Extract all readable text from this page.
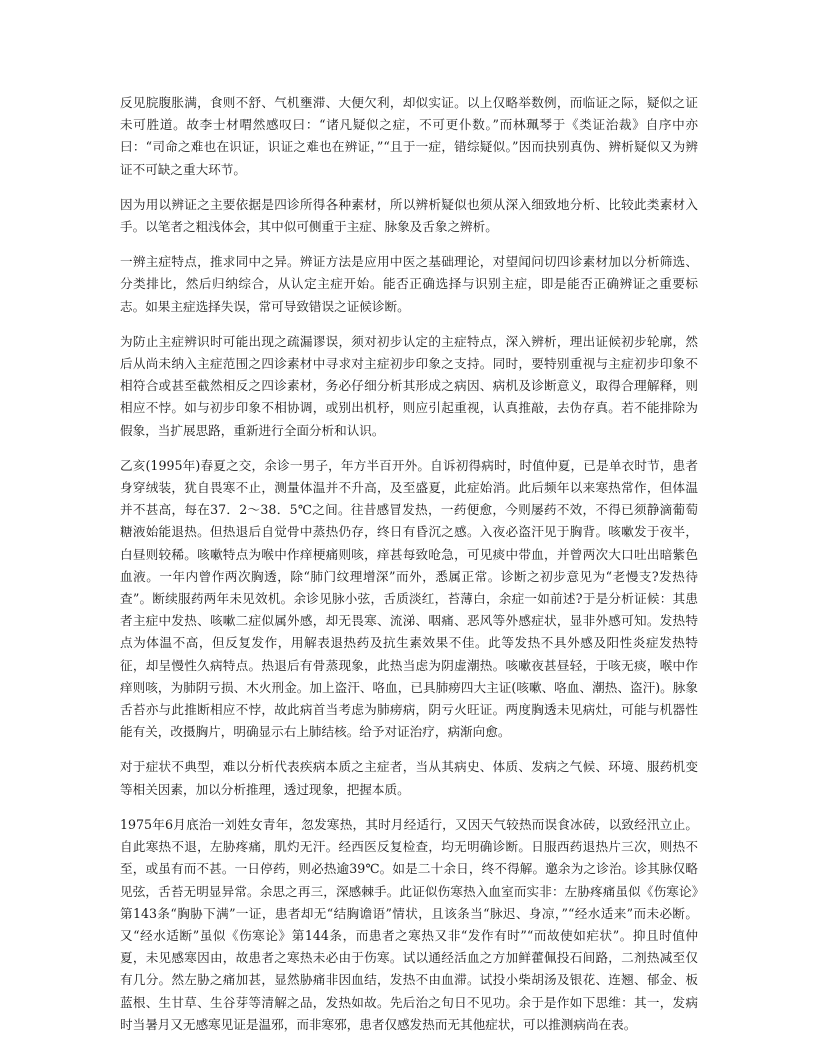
反见脘腹胀满，食则不舒、气机壅滞、大便欠利，却似实证。以上仅略举数例，而临证之际，疑似之证未可胜道。故李士材喟然感叹曰：“诸凡疑似之症，不可更仆数。”而林珮琴于《类证治裁》自序中亦曰：“司命之难也在识证，识证之难也在辨证，”“且于一症，错综疑似。”因而抉别真伪、辨析疑似又为辨证不可缺之重大环节。

因为用以辨证之主要依据是四诊所得各种素材，所以辨析疑似也须从深入细致地分析、比较此类素材入手。以笔者之粗浅体会，其中似可侧重于主症、脉象及舌象之辨析。

一辨主症特点，推求同中之异。辨证方法是应用中医之基础理论，对望闻问切四诊素材加以分析筛选、分类排比，然后归纳综合，从认定主症开始。能否正确选择与识别主症，即是能否正确辨证之重要标志。如果主症选择失误，常可导致错误之证候诊断。

为防止主症辨识时可能出现之疏漏谬误，须对初步认定的主症特点，深入辨析，理出证候初步轮廓，然后从尚未纳入主症范围之四诊素材中寻求对主症初步印象之支持。同时，要特别重视与主症初步印象不相符合或甚至截然相反之四诊素材，务必仔细分析其形成之病因、病机及诊断意义，取得合理解释，则相应不悖。如与初步印象不相协调，或别出机杼，则应引起重视，认真推敲，去伪存真。若不能排除为假象，当扩展思路，重新进行全面分析和认识。

乙亥(1995年)春夏之交，余诊一男子，年方半百开外。自诉初得病时，时值仲夏，已是单衣时节，患者身穿绒装，犹自畏寒不止，测量体温并不升高，及至盛夏，此症始消。此后频年以来寒热常作，但体温并不甚高，每在37．2～38．5℃之间。往昔感冒发热，一药便愈，今则屡药不效，不得已须静滴葡萄糖液始能退热。但热退后自觉骨中蒸热仍存，终日有昏沉之感。入夜必盗汗见于胸背。咳嗽发于夜半，白昼则较稀。咳嗽特点为喉中作痒梗痛则咳，痒甚每致呛急，可见痰中带血，并曾两次大口吐出暗紫色血液。一年内曾作两次胸透，除“肺门纹理增深”而外，悉属正常。诊断之初步意见为“老慢支?发热待查”。断续服药两年未见效机。余诊见脉小弦，舌质淡红，苔薄白，余症一如前述?于是分析证候：其患者主症中发热、咳嗽二症似属外感，却无畏寒、流涕、咽痛、恶风等外感症状，显非外感可知。发热特点为体温不高，但反复发作，用解表退热药及抗生素效果不佳。此等发热不具外感及阳性炎症发热特征，却呈慢性久病特点。热退后有骨蒸现象，此热当虑为阴虚潮热。咳嗽夜甚昼轻，于咳无痰，喉中作痒则咳，为肺阴亏损、木火刑金。加上盗汗、咯血，已具肺痨四大主证(咳嗽、咯血、潮热、盗汗)。脉象舌苔亦与此推断相应不悖，故此病首当考虑为肺痨病，阴亏火旺证。两度胸透未见病灶，可能与机器性能有关，改摄胸片，明确显示右上肺结核。给予对证治疗，病渐向愈。

对于症状不典型，难以分析代表疾病本质之主症者，当从其病史、体质、发病之气候、环境、服药机变等相关因素，加以分析推理，透过现象，把握本质。

1975年6月底治一刘姓女青年，忽发寒热，其时月经适行，又因天气较热而误食冰砖，以致经汛立止。自此寒热不退，左胁疼痛，肌灼无汗。经西医反复检查，均无明确诊断。日服西药退热片三次，则热不至，或虽有而不甚。一日停药，则必热逾39℃。如是二十余日，终不得解。邀余为之诊治。诊其脉仅略见弦，舌苔无明显异常。余思之再三，深感棘手。此证似伤寒热入血室而实非：左胁疼痛虽似《伤寒论》第143条“胸胁下满”一证，患者却无“结胸谵语”情状，且该条当“脉迟、身凉，”“经水适来”而未必断。又“经水适断”虽似《伤寒论》第144条，而患者之寒热又非“发作有时”“而故使如疟状”。抑且时值仲夏，未见感寒因由，故患者之寒热未必由于伤寒。试以通经活血之方加鲜藿佩投石间路，二剂热减至仅有几分。然左胁之痛加甚，显然胁痛非因血结，发热不由血滞。试投小柴胡汤及银花、连翘、郁金、板蓝根、生甘草、生谷芽等清解之品，发热如故。先后治之旬日不见功。余于是作如下思维：其一，发病时当暑月又无感寒见证是温邪，而非寒邪，患者仅感发热而无其他症状，可以推测病尚在表。
